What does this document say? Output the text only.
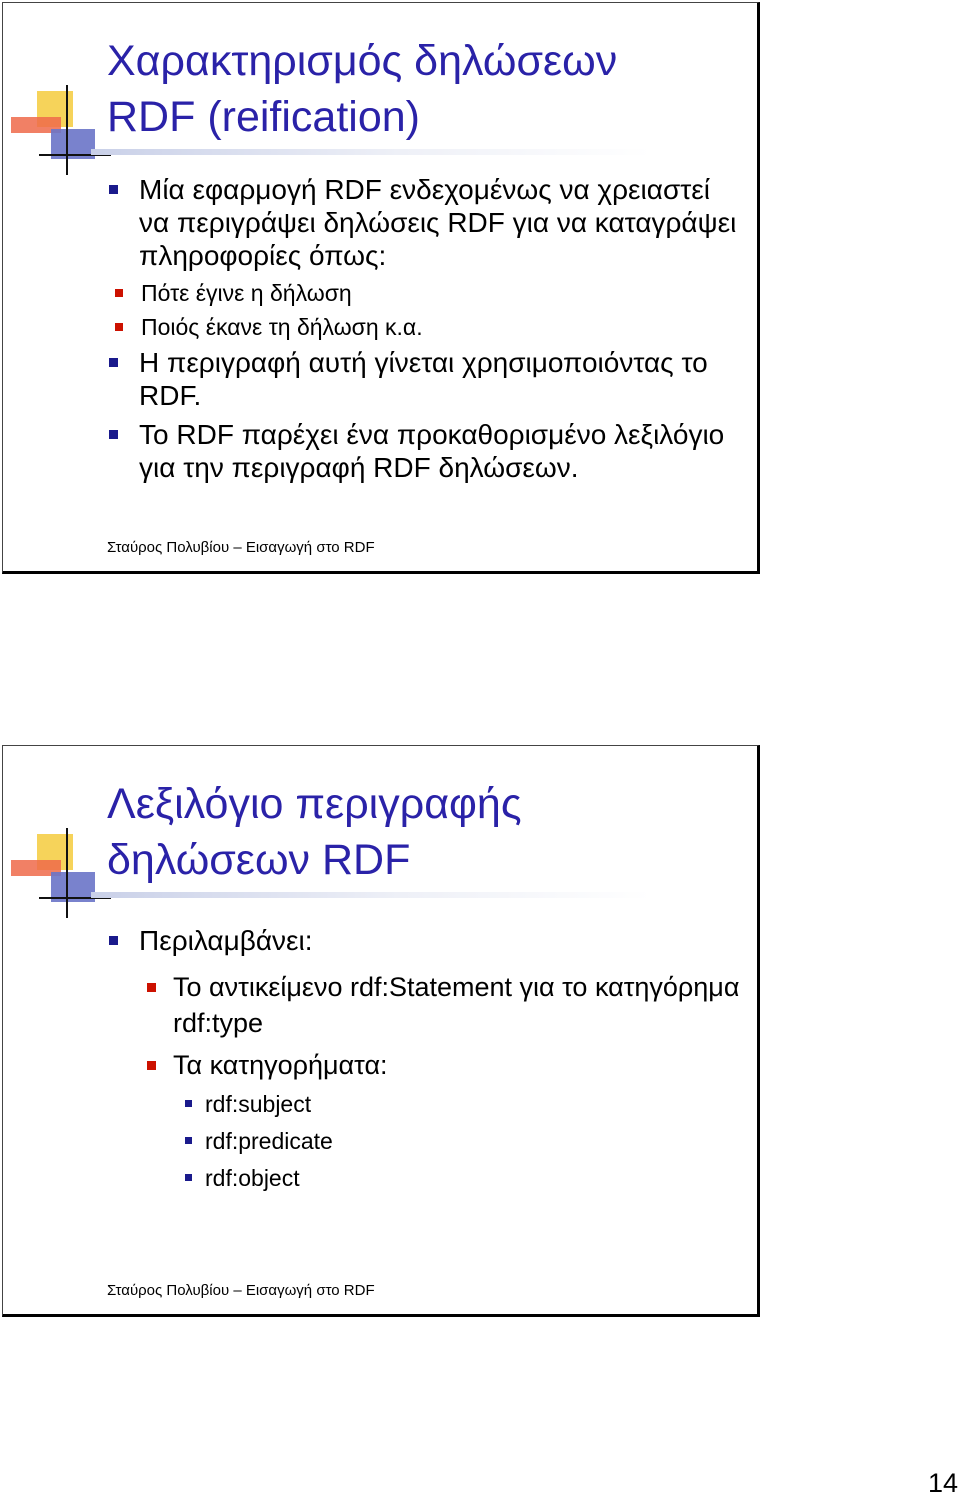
Χαρακτηρισμός δηλώσεων
RDF (reification)
Μία εφαρμογή RDF ενδεχομένως να χρειαστεί να περιγράψει δηλώσεις RDF για να καταγράψει πληροφορίες όπως:
Πότε έγινε η δήλωση
Ποιός έκανε τη δήλωση κ.α.
Η περιγραφή αυτή γίνεται χρησιμοποιόντας το RDF.
Το RDF παρέχει ένα προκαθορισμένο λεξιλόγιο για την περιγραφή RDF δηλώσεων.
Σταύρος Πολυβίου – Εισαγωγή στο RDF
Λεξιλόγιο περιγραφής
δηλώσεων RDF
Περιλαμβάνει:
Το αντικείμενο rdf:Statement για το κατηγόρημα rdf:type
Τα κατηγορήματα:
rdf:subject
rdf:predicate
rdf:object
Σταύρος Πολυβίου – Εισαγωγή στο RDF
14
